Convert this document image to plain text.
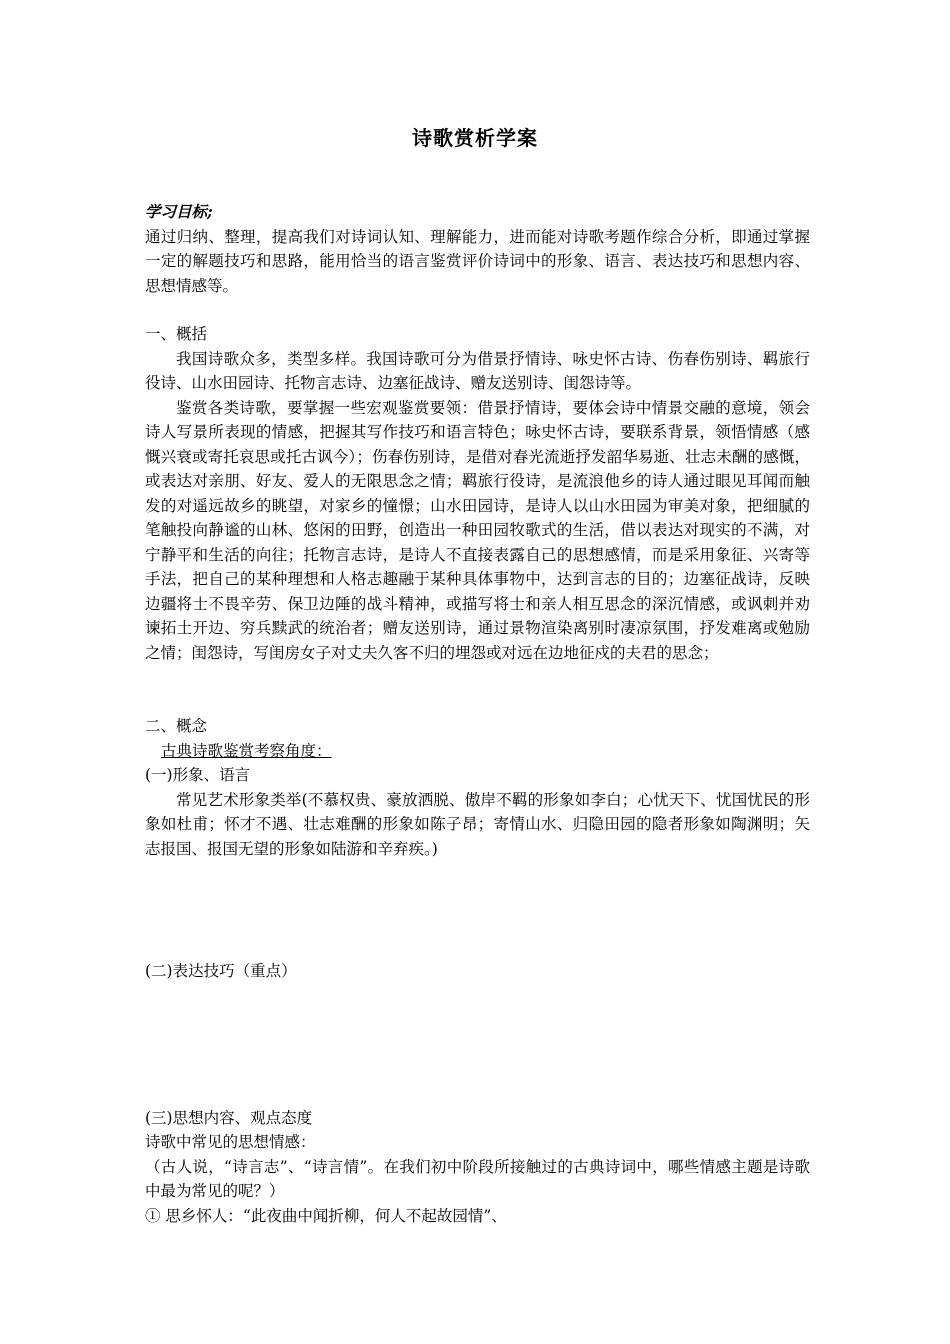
诗歌赏析学案

学习目标;

通过归纳、整理，提高我们对诗词认知、理解能力，进而能对诗歌考题作综合分析，即通过掌握一定的解题技巧和思路，能用恰当的语言鉴赏评价诗词中的形象、语言、表达技巧和思想内容、思想情感等。

一、概括

我国诗歌众多，类型多样。我国诗歌可分为借景抒情诗、咏史怀古诗、伤春伤别诗、羁旅行役诗、山水田园诗、托物言志诗、边塞征战诗、赠友送别诗、闺怨诗等。

鉴赏各类诗歌，要掌握一些宏观鉴赏要领：借景抒情诗，要体会诗中情景交融的意境，领会诗人写景所表现的情感，把握其写作技巧和语言特色；咏史怀古诗，要联系背景，领悟情感（感慨兴衰或寄托哀思或托古讽今）；伤春伤别诗，是借对春光流逝抒发韶华易逝、壮志未酬的感慨，或表达对亲朋、好友、爱人的无限思念之情；羁旅行役诗，是流浪他乡的诗人通过眼见耳闻而触发的对遥远故乡的眺望，对家乡的憧憬；山水田园诗，是诗人以山水田园为审美对象，把细腻的笔触投向静谧的山林、悠闲的田野，创造出一种田园牧歌式的生活，借以表达对现实的不满，对宁静平和生活的向往；托物言志诗，是诗人不直接表露自己的思想感情，而是采用象征、兴寄等手法，把自己的某种理想和人格志趣融于某种具体事物中，达到言志的目的；边塞征战诗，反映边疆将士不畏辛劳、保卫边陲的战斗精神，或描写将士和亲人相互思念的深沉情感，或讽刺并劝谏拓土开边、穷兵黩武的统治者；赠友送别诗，通过景物渲染离别时凄凉氛围，抒发难离或勉励之情；闺怨诗，写闺房女子对丈夫久客不归的埋怨或对远在边地征戍的夫君的思念；

二、概念

古典诗歌鉴赏考察角度：

(一)形象、语言

常见艺术形象类举(不慕权贵、豪放洒脱、傲岸不羁的形象如李白；心忧天下、忧国忧民的形象如杜甫；怀才不遇、壮志难酬的形象如陈子昂；寄情山水、归隐田园的隐者形象如陶渊明；矢志报国、报国无望的形象如陆游和辛弃疾。)

(二)表达技巧（重点）

(三)思想内容、观点态度

诗歌中常见的思想情感：

（古人说，“诗言志”、“诗言情”。在我们初中阶段所接触过的古典诗词中，哪些情感主题是诗歌中最为常见的呢？）

① 思乡怀人：“此夜曲中闻折柳，何人不起故园情”、
